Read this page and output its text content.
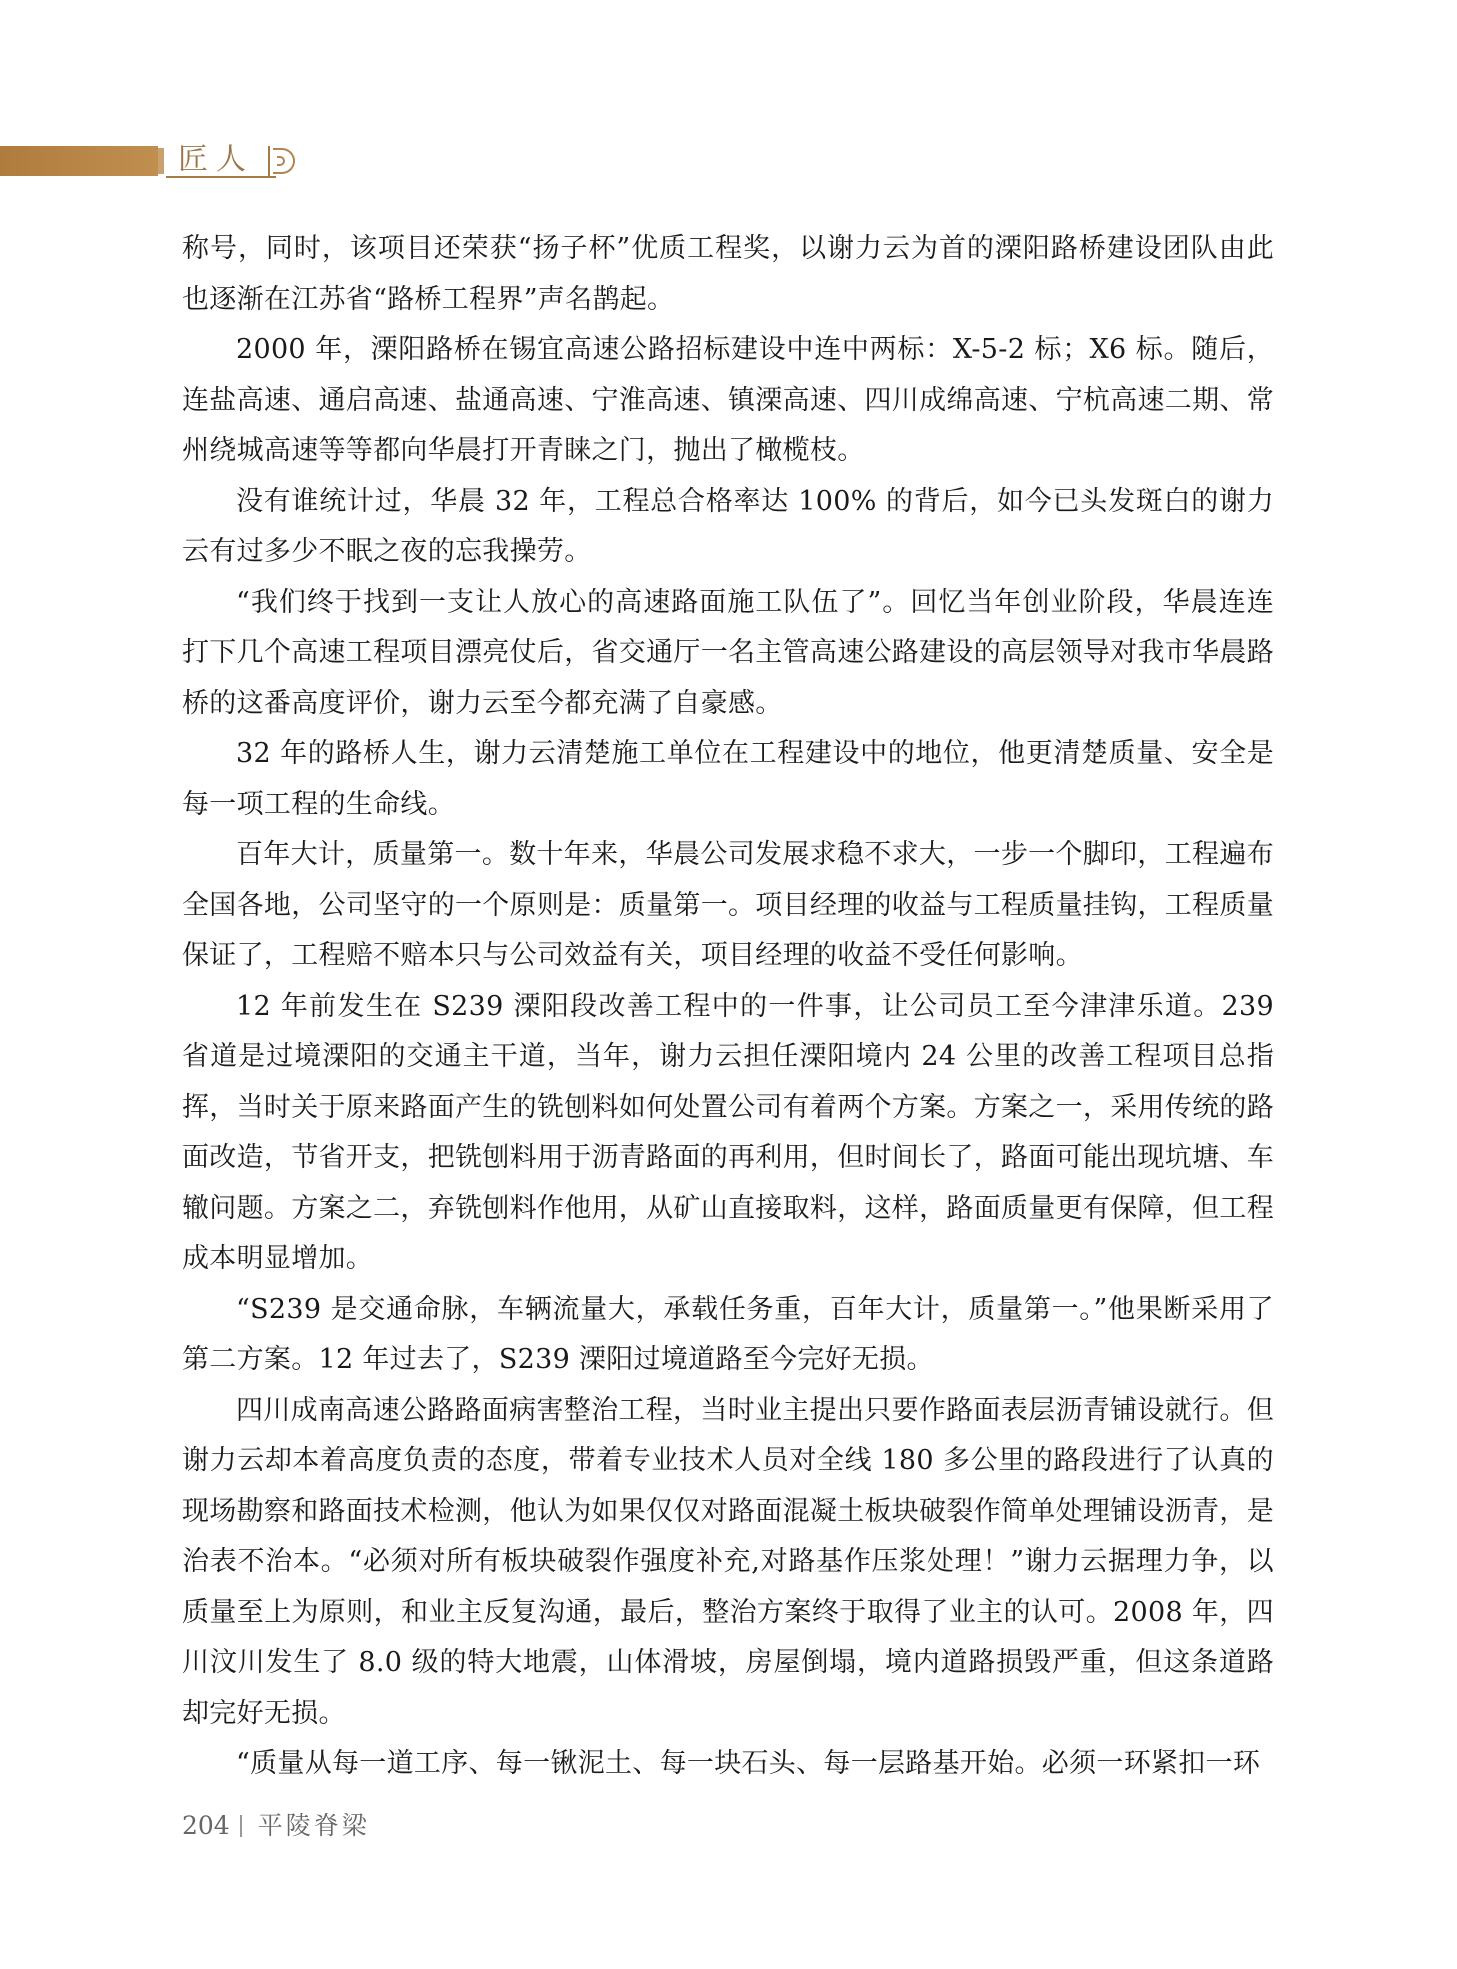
匠人

称号，同时，该项目还荣获“扬子杯”优质工程奖，以谢力云为首的溧阳路桥建设团队由此也逐渐在江苏省“路桥工程界”声名鹊起。

2000 年，溧阳路桥在锡宜高速公路招标建设中连中两标：X-5-2 标；X6 标。随后，连盐高速、通启高速、盐通高速、宁淮高速、镇溧高速、四川成绵高速、宁杭高速二期、常州绕城高速等等都向华晨打开青睐之门，抛出了橄榄枝。

没有谁统计过，华晨 32 年，工程总合格率达 100% 的背后，如今已头发斑白的谢力云有过多少不眠之夜的忘我操劳。

“我们终于找到一支让人放心的高速路面施工队伍了”。回忆当年创业阶段，华晨连连打下几个高速工程项目漂亮仗后，省交通厅一名主管高速公路建设的高层领导对我市华晨路桥的这番高度评价，谢力云至今都充满了自豪感。

32 年的路桥人生，谢力云清楚施工单位在工程建设中的地位，他更清楚质量、安全是每一项工程的生命线。

百年大计，质量第一。数十年来，华晨公司发展求稳不求大，一步一个脚印，工程遍布全国各地，公司坚守的一个原则是：质量第一。项目经理的收益与工程质量挂钩，工程质量保证了，工程赔不赔本只与公司效益有关，项目经理的收益不受任何影响。

12 年前发生在 S239 溧阳段改善工程中的一件事，让公司员工至今津津乐道。239 省道是过境溧阳的交通主干道，当年，谢力云担任溧阳境内 24 公里的改善工程项目总指挥，当时关于原来路面产生的铣刨料如何处置公司有着两个方案。方案之一，采用传统的路面改造，节省开支，把铣刨料用于沥青路面的再利用，但时间长了，路面可能出现坑塘、车辙问题。方案之二，弃铣刨料作他用，从矿山直接取料，这样，路面质量更有保障，但工程成本明显增加。

“S239 是交通命脉，车辆流量大，承载任务重，百年大计，质量第一。”他果断采用了第二方案。12 年过去了，S239 溧阳过境道路至今完好无损。

四川成南高速公路路面病害整治工程，当时业主提出只要作路面表层沥青铺设就行。但谢力云却本着高度负责的态度，带着专业技术人员对全线 180 多公里的路段进行了认真的现场勘察和路面技术检测，他认为如果仅仅对路面混凝土板块破裂作简单处理铺设沥青，是治表不治本。“必须对所有板块破裂作强度补充,对路基作压浆处理！”谢力云据理力争，以质量至上为原则，和业主反复沟通，最后，整治方案终于取得了业主的认可。2008 年，四川汶川发生了 8.0 级的特大地震，山体滑坡，房屋倒塌，境内道路损毁严重，但这条道路却完好无损。

“质量从每一道工序、每一锹泥土、每一块石头、每一层路基开始。必须一环紧扣一环

204 平陵脊梁
